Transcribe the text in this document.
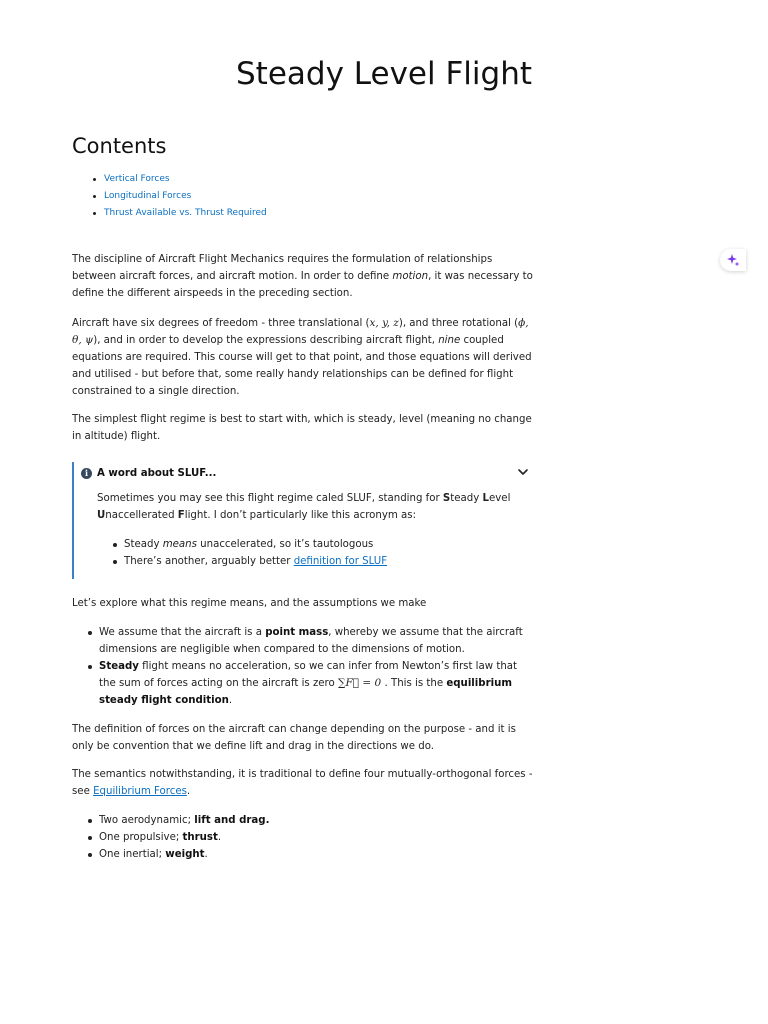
Steady Level Flight
Contents
Vertical Forces
Longitudinal Forces
Thrust Available vs. Thrust Required

The discipline of Aircraft Flight Mechanics requires the formulation of relationships between aircraft forces, and aircraft motion. In order to define motion, it was necessary to define the different airspeeds in the preceding section.

Aircraft have six degrees of freedom - three translational (x, y, z), and three rotational (ϕ, θ, ψ), and in order to develop the expressions describing aircraft flight, nine coupled equations are required. This course will get to that point, and those equations will derived and utilised - but before that, some really handy relationships can be defined for flight constrained to a single direction.

The simplest flight regime is best to start with, which is steady, level (meaning no change in altitude) flight.

i A word about SLUF...

Sometimes you may see this flight regime caled SLUF, standing for Steady Level
Unaccellerated Flight. I don’t particularly like this acronym as:

Steady means unaccelerated, so it’s tautologous
There’s another, arguably better definition for SLUF

Let’s explore what this regime means, and the assumptions we make

We assume that the aircraft is a point mass, whereby we assume that the aircraft dimensions are negligible when compared to the dimensions of motion.
Steady flight means no acceleration, so we can infer from Newton’s first law that the sum of forces acting on the aircraft is zero ∑F⃗ = 0 . This is the equilibrium steady flight condition.

The definition of forces on the aircraft can change depending on the purpose - and it is only be convention that we define lift and drag in the directions we do.

The semantics notwithstanding, it is traditional to define four mutually-orthogonal forces - see Equilibrium Forces.

Two aerodynamic; lift and drag.
One propulsive; thrust.
One inertial; weight.
